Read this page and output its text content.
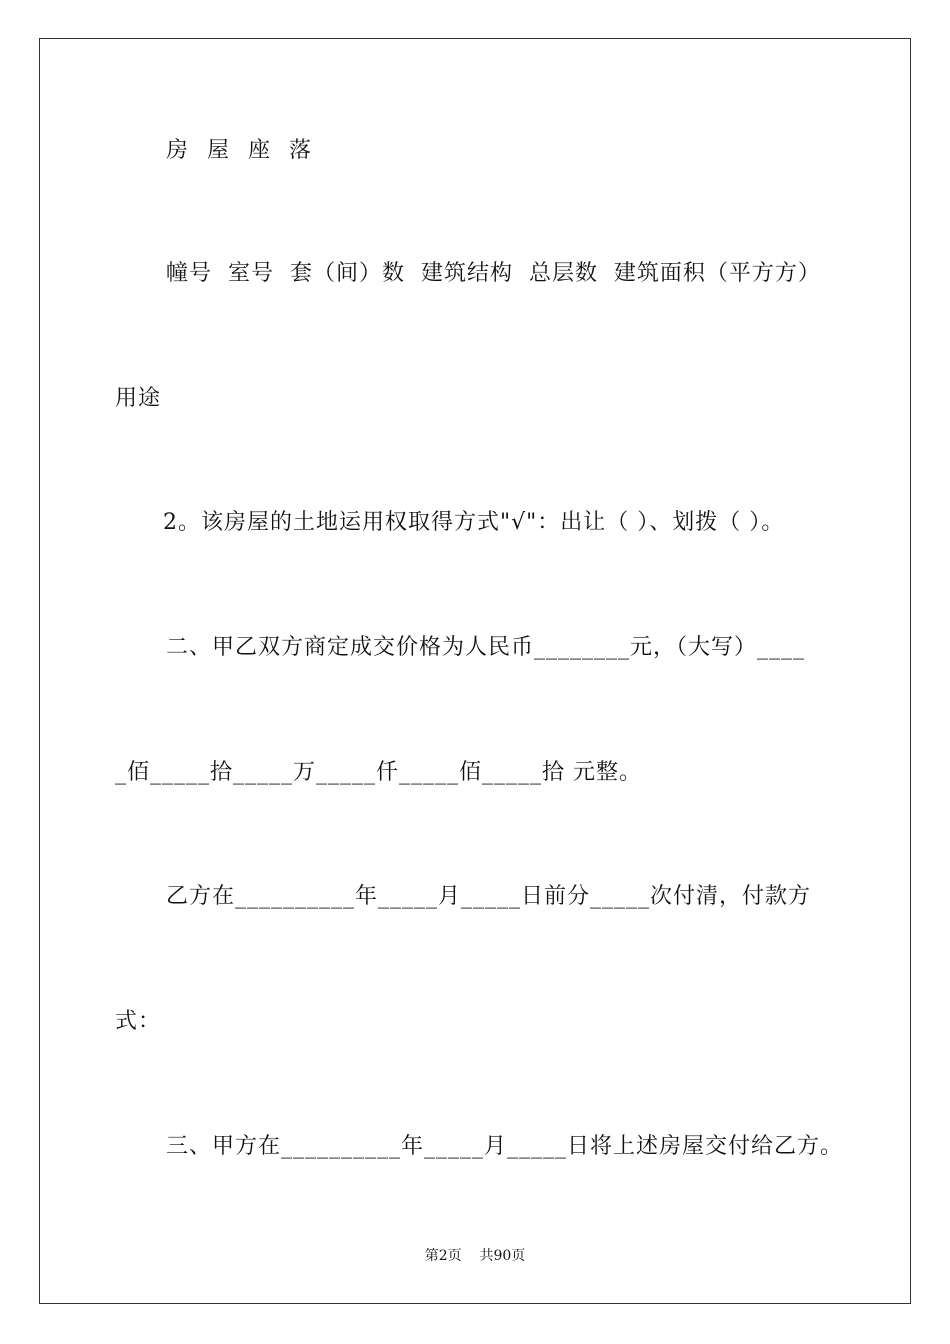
房 屋 座 落
幢号  室号  套（间）数  建筑结构  总层数  建筑面积（平方方）
用途
2。该房屋的土地运用权取得方式"√"：出让（ ）、划拨（ ）。
二、甲乙双方商定成交价格为人民币________元，（大写）____
_佰_____拾_____万_____仟_____佰_____拾 元整。
乙方在__________年_____月_____日前分_____次付清，付款方
式：
三、甲方在__________年_____月_____日将上述房屋交付给乙方。
第2页    共90页
